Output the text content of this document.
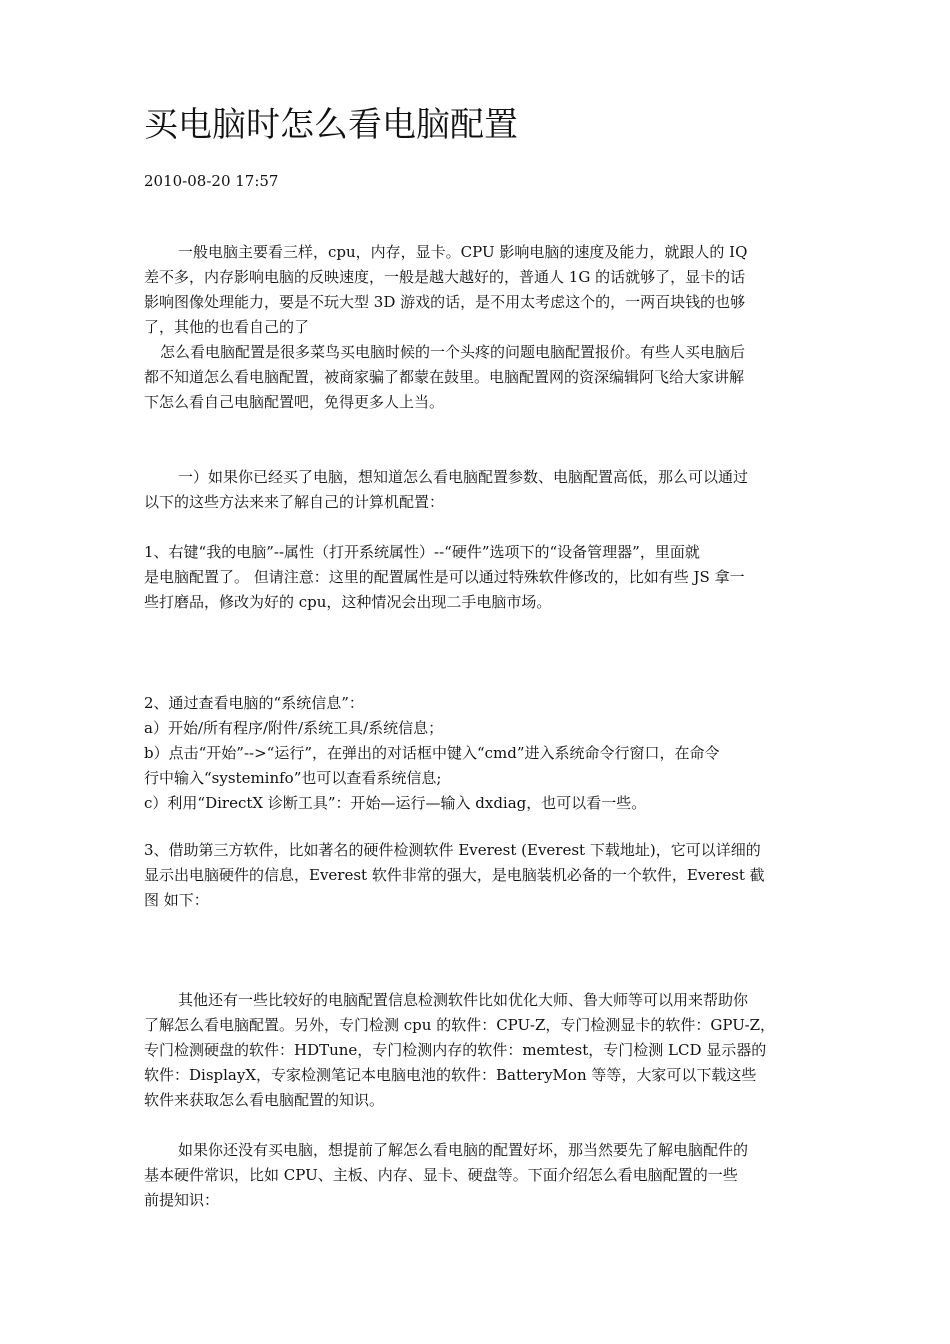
买电脑时怎么看电脑配置
2010-08-20 17:57
一般电脑主要看三样，cpu，内存，显卡。CPU 影响电脑的速度及能力，就跟人的 IQ
差不多，内存影响电脑的反映速度，一般是越大越好的，普通人 1G 的话就够了，显卡的话
影响图像处理能力，要是不玩大型 3D 游戏的话，是不用太考虑这个的，一两百块钱的也够
了，其他的也看自己的了
怎么看电脑配置是很多菜鸟买电脑时候的一个头疼的问题电脑配置报价。有些人买电脑后
都不知道怎么看电脑配置，被商家骗了都蒙在鼓里。电脑配置网的资深编辑阿飞给大家讲解
下怎么看自己电脑配置吧，免得更多人上当。
一）如果你已经买了电脑，想知道怎么看电脑配置参数、电脑配置高低，那么可以通过
以下的这些方法来来了解自己的计算机配置：
1、右键“我的电脑”--属性（打开系统属性）--“硬件”选项下的“设备管理器”，里面就
是电脑配置了。 但请注意：这里的配置属性是可以通过特殊软件修改的，比如有些 JS 拿一
些打磨品，修改为好的 cpu，这种情况会出现二手电脑市场。
2、通过查看电脑的“系统信息”：
a）开始/所有程序/附件/系统工具/系统信息；
b）点击“开始”-->“运行”，在弹出的对话框中键入“cmd”进入系统命令行窗口，在命令
行中输入“systeminfo”也可以查看系统信息;
c）利用“DirectX 诊断工具”：开始—运行—输入 dxdiag，也可以看一些。
3、借助第三方软件，比如著名的硬件检测软件 Everest (Everest 下载地址)，它可以详细的
显示出电脑硬件的信息，Everest 软件非常的强大，是电脑装机必备的一个软件，Everest 截
图 如下：
其他还有一些比较好的电脑配置信息检测软件比如优化大师、鲁大师等可以用来帮助你
了解怎么看电脑配置。另外，专门检测 cpu 的软件：CPU-Z，专门检测显卡的软件：GPU-Z，
专门检测硬盘的软件：HDTune，专门检测内存的软件：memtest，专门检测 LCD 显示器的
软件：DisplayX，专家检测笔记本电脑电池的软件：BatteryMon 等等，大家可以下载这些
软件来获取怎么看电脑配置的知识。
如果你还没有买电脑，想提前了解怎么看电脑的配置好坏，那当然要先了解电脑配件的
基本硬件常识，比如 CPU、主板、内存、显卡、硬盘等。下面介绍怎么看电脑配置的一些
前提知识：
